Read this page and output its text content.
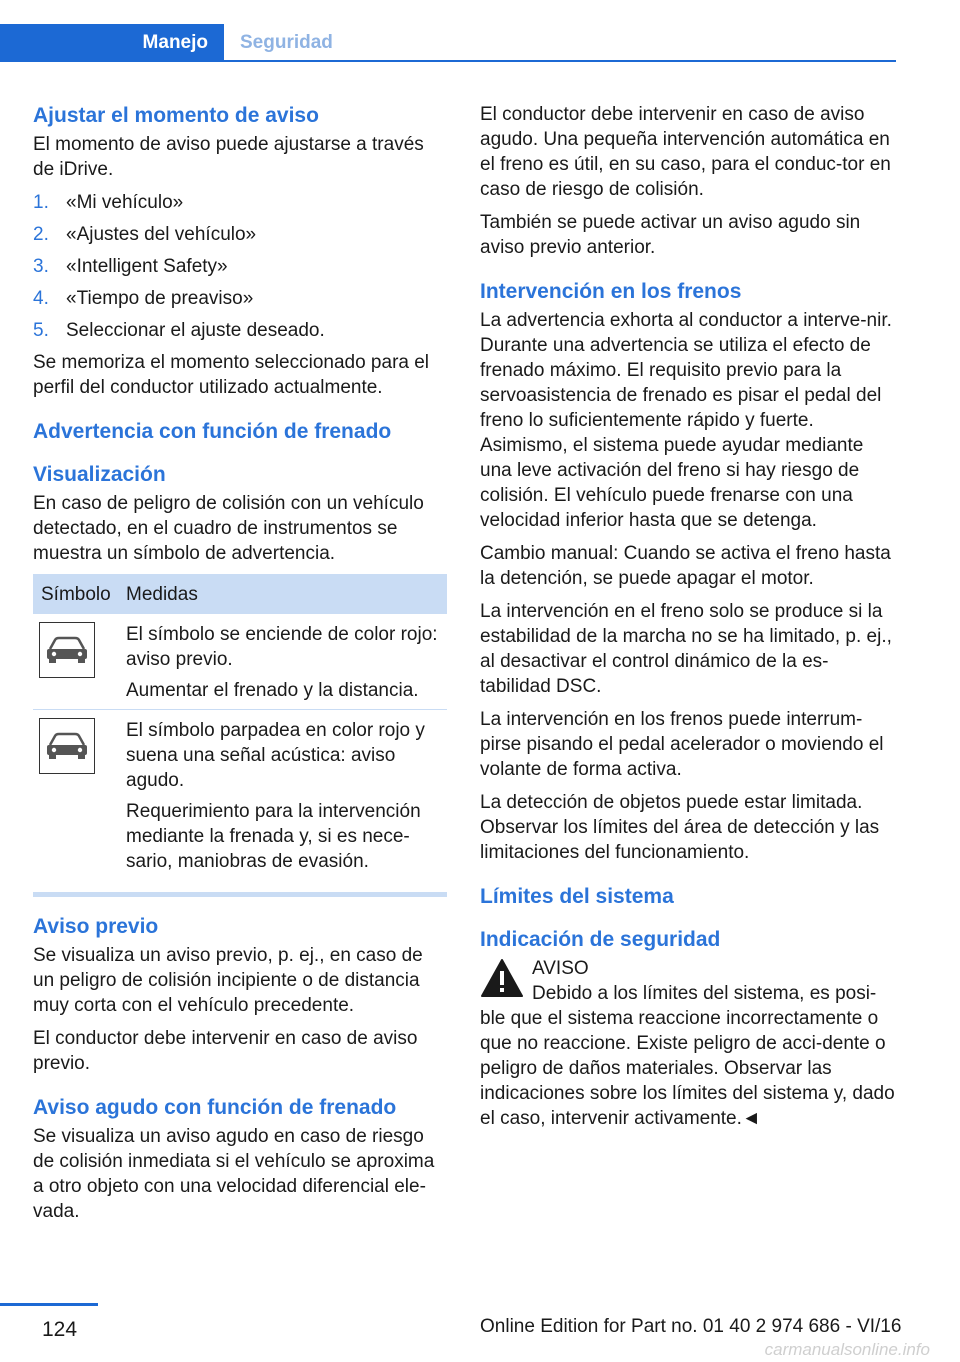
Manejo	Seguridad
Ajustar el momento de aviso

El momento de aviso puede ajustarse a través de iDrive.

1. «Mi vehículo»
2. «Ajustes del vehículo»
3. «Intelligent Safety»
4. «Tiempo de preaviso»
5. Seleccionar el ajuste deseado.

Se memoriza el momento seleccionado para el perfil del conductor utilizado actualmente.

Advertencia con función de frenado
Visualización

En caso de peligro de colisión con un vehículo detectado, en el cuadro de instrumentos se muestra un símbolo de advertencia.

Símbolo Medidas

El símbolo se enciende de color rojo: aviso previo.

Aumentar el frenado y la distancia.

El símbolo parpadea en color rojo y suena una señal acústica: aviso agudo.

Requerimiento para la intervención mediante la frenada y, si es nece-sario, maniobras de evasión.

Aviso previo

Se visualiza un aviso previo, p. ej., en caso de un peligro de colisión incipiente o de distancia muy corta con el vehículo precedente.

El conductor debe intervenir en caso de aviso previo.

Aviso agudo con función de frenado

Se visualiza un aviso agudo en caso de riesgo de colisión inmediata si el vehículo se aproxima a otro objeto con una velocidad diferencial ele-vada.

El conductor debe intervenir en caso de aviso agudo. Una pequeña intervención automática en el freno es útil, en su caso, para el conduc-tor en caso de riesgo de colisión.

También se puede activar un aviso agudo sin aviso previo anterior.

Intervención en los frenos

La advertencia exhorta al conductor a interve-nir. Durante una advertencia se utiliza el efecto de frenado máximo. El requisito previo para la servoasistencia de frenado es pisar el pedal del freno lo suficientemente rápido y fuerte. Asimismo, el sistema puede ayudar mediante una leve activación del freno si hay riesgo de colisión. El vehículo puede frenarse con una velocidad inferior hasta que se detenga.

Cambio manual: Cuando se activa el freno hasta la detención, se puede apagar el motor.

La intervención en el freno solo se produce si la estabilidad de la marcha no se ha limitado, p. ej., al desactivar el control dinámico de la es-tabilidad DSC.

La intervención en los frenos puede interrum-pirse pisando el pedal acelerador o moviendo el volante de forma activa.

La detección de objetos puede estar limitada. Observar los límites del área de detección y las limitaciones del funcionamiento.

Límites del sistema
Indicación de seguridad

AVISO

Debido a los límites del sistema, es posi-

ble que el sistema reaccione incorrectamente o que no reaccione. Existe peligro de acci-dente o peligro de daños materiales. Observar las indicaciones sobre los límites del sistema y, dado el caso, intervenir activamente.◄

124	Online Edition for Part no. 01 40 2 974 686 - VI/16
carmanualsonline.info
